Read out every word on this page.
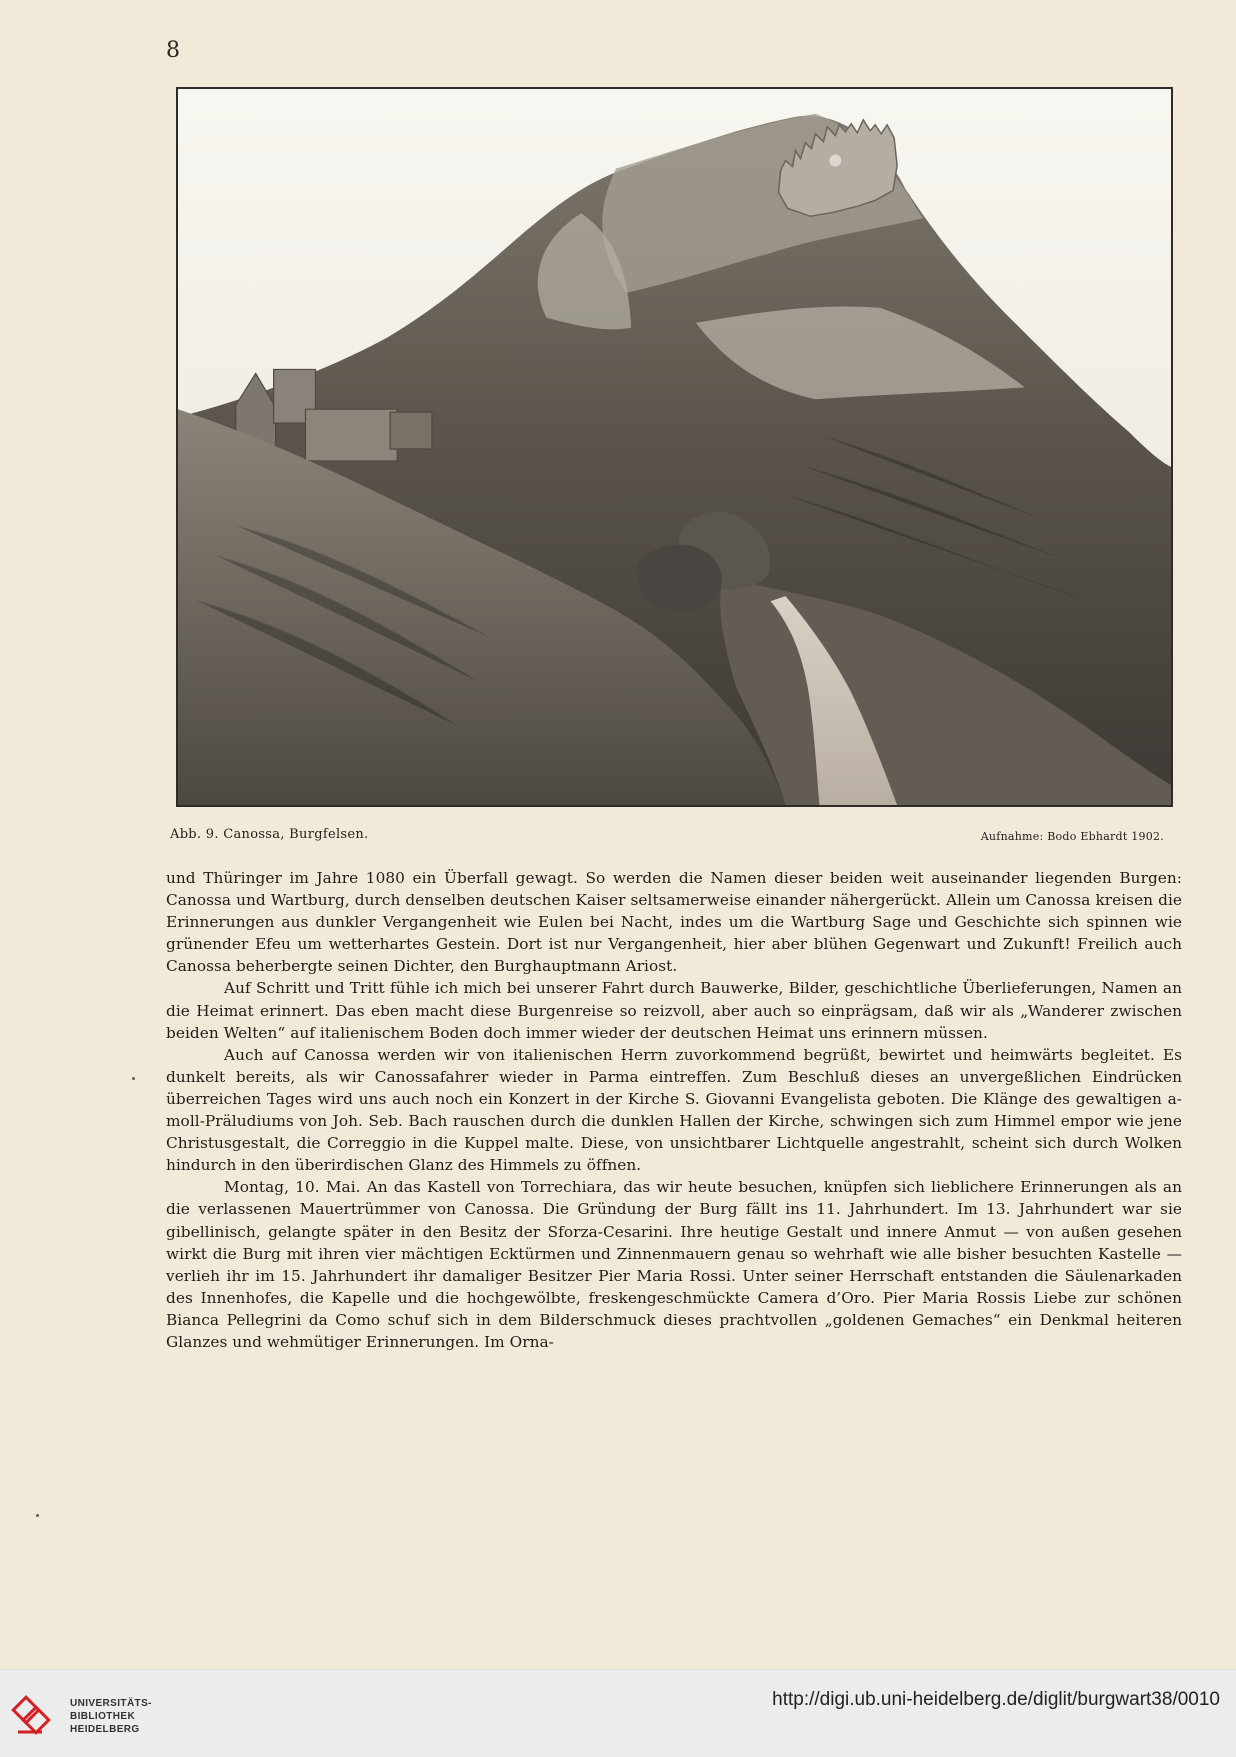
8
Abb. 9. Canossa, Burgfelsen.	Aufnahme: Bodo Ebhardt 1902.

und Thüringer im Jahre 1080 ein Überfall gewagt. So werden die Namen dieser beiden weit auseinander liegenden Burgen: Canossa und Wartburg, durch denselben deutschen Kaiser seltsamerweise einander nähergerückt. Allein um Canossa kreisen die Erinnerungen aus dunkler Vergangenheit wie Eulen bei Nacht, indes um die Wartburg Sage und Geschichte sich spinnen wie grünender Efeu um wetterhartes Gestein. Dort ist nur Vergangenheit, hier aber blühen Gegenwart und Zukunft! Freilich auch Canossa beherbergte seinen Dichter, den Burghauptmann Ariost.

Auf Schritt und Tritt fühle ich mich bei unserer Fahrt durch Bauwerke, Bilder, geschichtliche Überlieferungen, Namen an die Heimat erinnert. Das eben macht diese Burgenreise so reizvoll, aber auch so einprägsam, daß wir als „Wanderer zwischen beiden Welten“ auf italienischem Boden doch immer wieder der deutschen Heimat uns erinnern müssen.

Auch auf Canossa werden wir von italienischen Herrn zuvorkommend begrüßt, bewirtet und heimwärts begleitet. Es dunkelt bereits, als wir Canossafahrer wieder in Parma eintreffen. Zum Beschluß dieses an unvergeßlichen Eindrücken überreichen Tages wird uns auch noch ein Konzert in der Kirche S. Giovanni Evangelista geboten. Die Klänge des gewaltigen a-moll-Präludiums von Joh. Seb. Bach rauschen durch die dunklen Hallen der Kirche, schwingen sich zum Himmel empor wie jene Christusgestalt, die Correggio in die Kuppel malte. Diese, von unsichtbarer Lichtquelle angestrahlt, scheint sich durch Wolken hindurch in den überirdischen Glanz des Himmels zu öffnen.

Montag, 10. Mai. An das Kastell von Torrechiara, das wir heute besuchen, knüpfen sich lieblichere Erinnerungen als an die verlassenen Mauertrümmer von Canossa. Die Gründung der Burg fällt ins 11. Jahrhundert. Im 13. Jahrhundert war sie gibellinisch, gelangte später in den Besitz der Sforza-Cesarini. Ihre heutige Gestalt und innere Anmut — von außen gesehen wirkt die Burg mit ihren vier mächtigen Ecktürmen und Zinnenmauern genau so wehrhaft wie alle bisher besuchten Kastelle — verlieh ihr im 15. Jahrhundert ihr damaliger Besitzer Pier Maria Rossi. Unter seiner Herrschaft entstanden die Säulenarkaden des Innenhofes, die Kapelle und die hochgewölbte, freskengeschmückte Camera d’Oro. Pier Maria Rossis Liebe zur schönen Bianca Pellegrini da Como schuf sich in dem Bilderschmuck dieses prachtvollen „goldenen Gemaches“ ein Denkmal heiteren Glanzes und wehmütiger Erinnerungen. Im Orna-

UNIVERSITÄTS-
BIBLIOTHEK
HEIDELBERG
http://digi.ub.uni-heidelberg.de/diglit/burgwart38/0010
